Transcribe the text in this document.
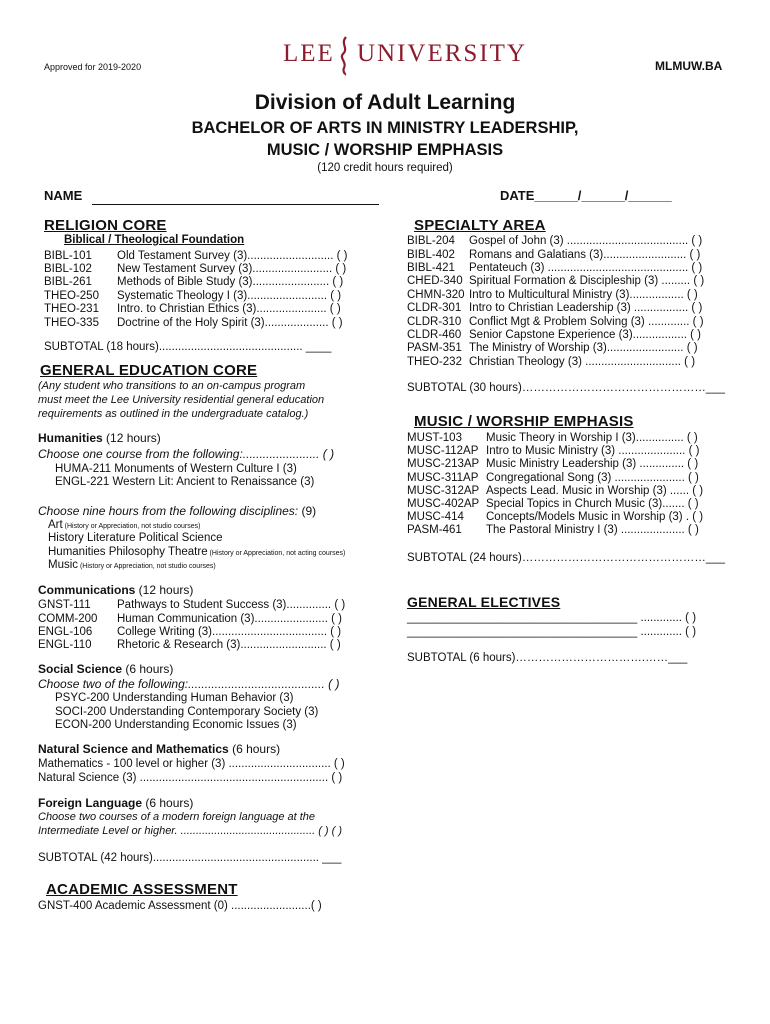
Approved for 2019-2020	LEE UNIVERSITY	MLMUW.BA
Division of Adult Learning
BACHELOR OF ARTS IN MINISTRY LEADERSHIP,
MUSIC / WORSHIP EMPHASIS
(120 credit hours required)
NAME	DATE______/______/______
RELIGION CORE
Biblical / Theological Foundation
BIBL-101 Old Testament Survey (3)........................... ( )
BIBL-102 New Testament Survey (3)......................... ( )
BIBL-261 Methods of Bible Study (3)........................ ( )
THEO-250 Systematic Theology I (3)......................... ( )
THEO-231 Intro. to Christian Ethics (3)...................... ( )
THEO-335 Doctrine of the Holy Spirit (3).................... ( )
SUBTOTAL (18 hours)............................................. ____
GENERAL EDUCATION CORE
(Any student who transitions to an on-campus program
must meet the Lee University residential general education
requirements as outlined in the undergraduate catalog.)
Humanities (12 hours)
Choose one course from the following:....................... ( )
HUMA-211 Monuments of Western Culture I (3)
ENGL-221 Western Lit: Ancient to Renaissance (3)
Choose nine hours from the following disciplines: (9)
Art (History or Appreciation, not studio courses)
History Literature Political Science
Humanities Philosophy Theatre (History or Appreciation, not acting courses)
Music (History or Appreciation, not studio courses)
Communications (12 hours)
GNST-111 Pathways to Student Success (3).............. ( )
COMM-200 Human Communication (3)....................... ( )
ENGL-106 College Writing (3).................................... ( )
ENGL-110 Rhetoric & Research (3)........................... ( )
Social Science (6 hours)
Choose two of the following:......................................... ( )
PSYC-200 Understanding Human Behavior (3)
SOCI-200 Understanding Contemporary Society (3)
ECON-200 Understanding Economic Issues (3)
Natural Science and Mathematics (6 hours)
Mathematics - 100 level or higher (3) ................................ ( )
Natural Science (3) ........................................................... ( )
Foreign Language (6 hours)
Choose two courses of a modern foreign language at the
Intermediate Level or higher. ............................................ ( ) ( )
SUBTOTAL (42 hours).................................................... ___
ACADEMIC ASSESSMENT
GNST-400 Academic Assessment (0) .........................( )
SPECIALTY AREA
BIBL-204 Gospel of John (3) ...................................... ( )
BIBL-402 Romans and Galatians (3).......................... ( )
BIBL-421 Pentateuch (3) ............................................ ( )
CHED-340 Spiritual Formation & Discipleship (3) ......... ( )
CHMN-320 Intro to Multicultural Ministry (3)................. ( )
CLDR-301 Intro to Christian Leadership (3) ................. ( )
CLDR-310 Conflict Mgt & Problem Solving (3) ............. ( )
CLDR-460 Senior Capstone Experience (3)................. ( )
PASM-351 The Ministry of Worship (3)........................ ( )
THEO-232 Christian Theology (3) .............................. ( )
SUBTOTAL (30 hours)…………………………………………___
MUSIC / WORSHIP EMPHASIS
MUST-103 Music Theory in Worship I (3)............... ( )
MUSC-112AP Intro to Music Ministry (3) ..................... ( )
MUSC-213AP Music Ministry Leadership (3) .............. ( )
MUSC-311AP Congregational Song (3) ...................... ( )
MUSC-312AP Aspects Lead. Music in Worship (3) ...... ( )
MUSC-402AP Special Topics in Church Music (3)....... ( )
MUSC-414 Concepts/Models Music in Worship (3) . ( )
PASM-461 The Pastoral Ministry I (3) .................... ( )
SUBTOTAL (24 hours)…………………………………………___
GENERAL ELECTIVES
____________________________________ ............. ( )
____________________________________ ............. ( )
SUBTOTAL (6 hours)…………………………….……___
